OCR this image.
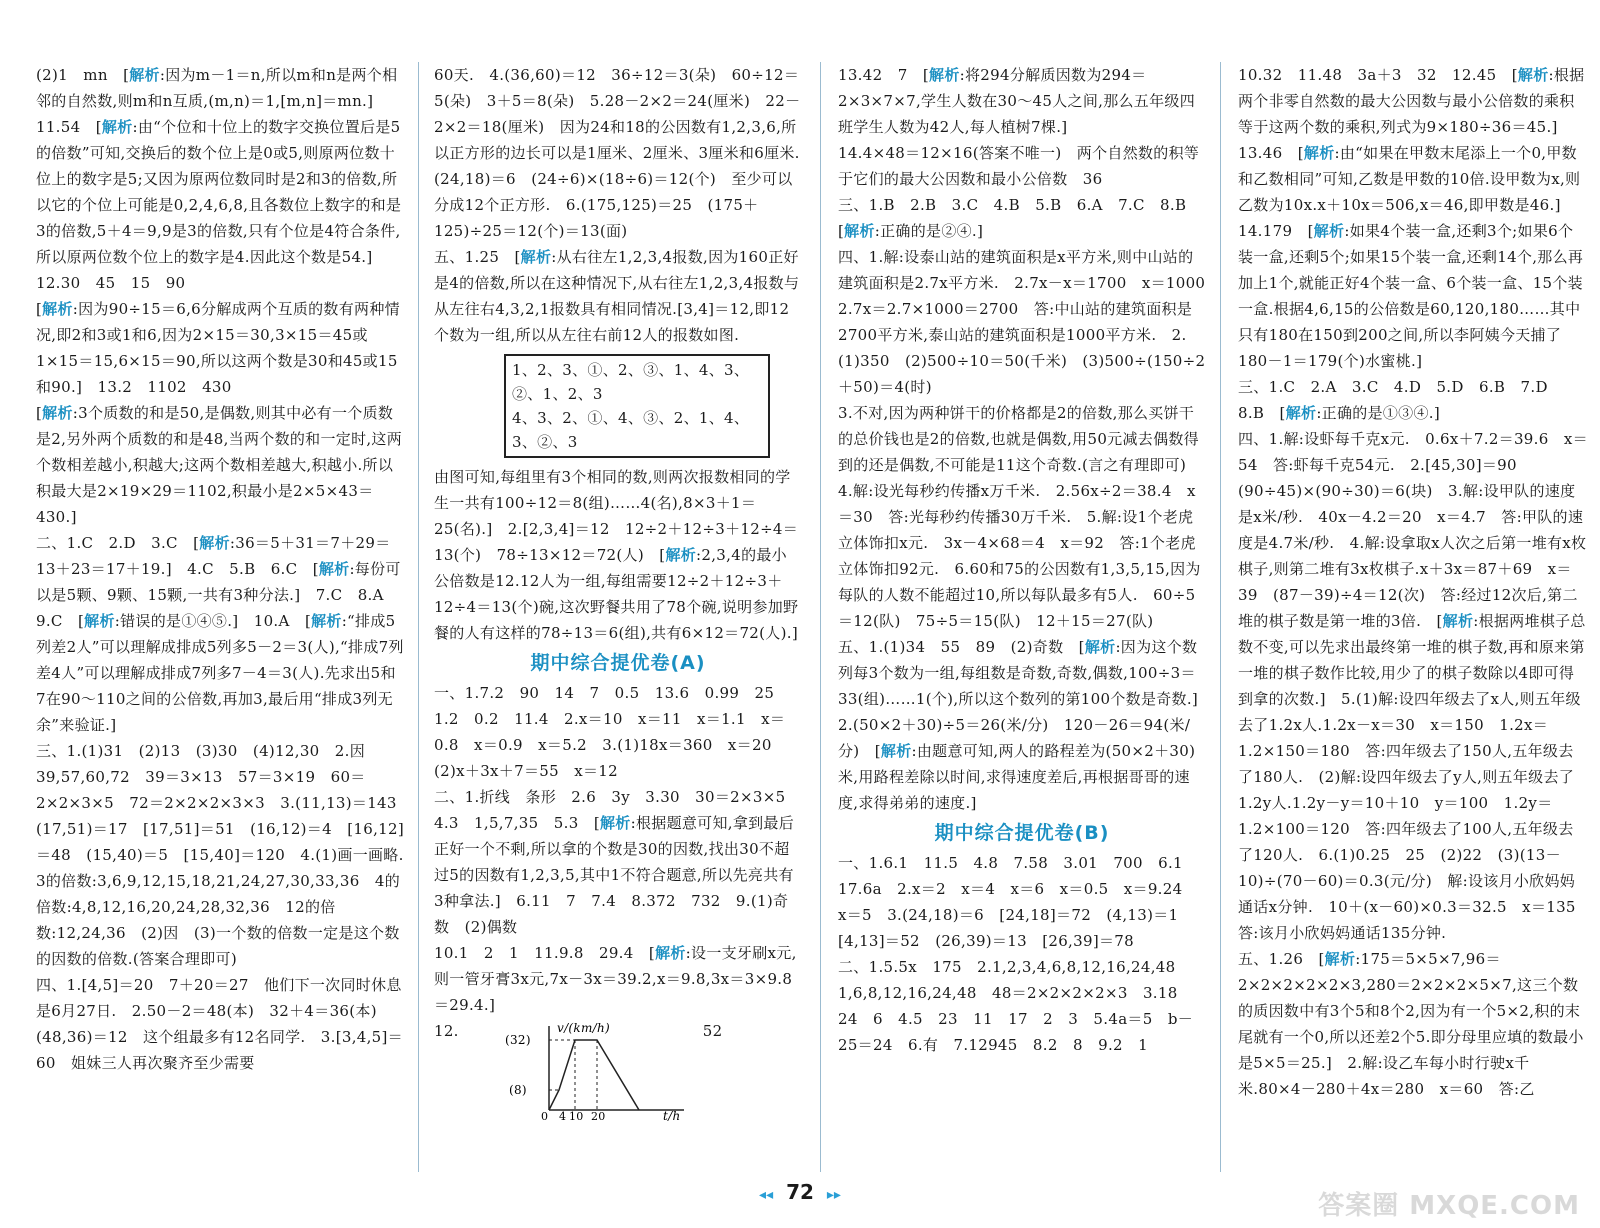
(2)1　mn　[解析:因为m－1＝n,所以m和n是两个相邻的自然数,则m和n互质,(m,n)＝1,[m,n]＝mn.]　11.54　[解析:由“个位和十位上的数字交换位置后是5的倍数”可知,交换后的数个位上是0或5,则原两位数十位上的数字是5;又因为原两位数同时是2和3的倍数,所以它的个位上可能是0,2,4,6,8,且各数位上数字的和是3的倍数,5＋4＝9,9是3的倍数,只有个位是4符合条件,所以原两位数个位上的数字是4.因此这个数是54.]　12.30　45　15　90

[解析:因为90÷15＝6,6分解成两个互质的数有两种情况,即2和3或1和6,因为2×15＝30,3×15＝45或1×15＝15,6×15＝90,所以这两个数是30和45或15和90.]　13.2　1102　430

[解析:3个质数的和是50,是偶数,则其中必有一个质数是2,另外两个质数的和是48,当两个数的和一定时,这两个数相差越小,积越大;这两个数相差越大,积越小.所以积最大是2×19×29＝1102,积最小是2×5×43＝430.]

二、1.C　2.D　3.C　[解析:36＝5＋31＝7＋29＝13＋23＝17＋19.]　4.C　5.B　6.C　[解析:每份可以是5颗、9颗、15颗,一共有3种分法.]　7.C　8.A　9.C　[解析:错误的是①④⑤.]　10.A　[解析:“排成5列差2人”可以理解成排成5列多5－2＝3(人),“排成7列差4人”可以理解成排成7列多7－4＝3(人).先求出5和7在90～110之间的公倍数,再加3,最后用“排成3列无余”来验证.]

三、1.(1)31　(2)13　(3)30　(4)12,30　2.因39,57,60,72　39＝3×13　57＝3×19　60＝2×2×3×5　72＝2×2×2×3×3　3.(11,13)＝143　(17,51)＝17　[17,51]＝51　(16,12)＝4　[16,12]＝48　(15,40)＝5　[15,40]＝120　4.(1)画一画略.　3的倍数:3,6,9,12,15,18,21,24,27,30,33,36　4的倍数:4,8,12,16,20,24,28,32,36　12的倍数:12,24,36　(2)因　(3)一个数的倍数一定是这个数的因数的倍数.(答案合理即可)

四、1.[4,5]＝20　7＋20＝27　他们下一次同时休息是6月27日.　2.50－2＝48(本)　32＋4＝36(本)　(48,36)＝12　这个组最多有12名同学.　3.[3,4,5]＝60　姐妹三人再次聚齐至少需要

60天.　4.(36,60)＝12　36÷12＝3(朵)　60÷12＝5(朵)　3＋5＝8(朵)　5.28－2×2＝24(厘米)　22－2×2＝18(厘米)　因为24和18的公因数有1,2,3,6,所以正方形的边长可以是1厘米、2厘米、3厘米和6厘米.　(24,18)＝6　(24÷6)×(18÷6)＝12(个)　至少可以分成12个正方形.　6.(175,125)＝25　(175＋125)÷25＝12(个)＝13(面)

五、1.25　[解析:从右往左1,2,3,4报数,因为160正好是4的倍数,所以在这种情况下,从右往左1,2,3,4报数与从左往右4,3,2,1报数具有相同情况.[3,4]＝12,即12个数为一组,所以从左往右前12人的报数如图.

1、2、3、①、2、③、1、4、3、②、1、2、3
4、3、2、①、4、③、2、1、4、3、②、3

由图可知,每组里有3个相同的数,则两次报数相同的学生一共有100÷12＝8(组)……4(名),8×3＋1＝25(名).]　2.[2,3,4]＝12　12÷2＋12÷3＋12÷4＝13(个)　78÷13×12＝72(人)　[解析:2,3,4的最小公倍数是12.12人为一组,每组需要12÷2＋12÷3＋12÷4＝13(个)碗,这次野餐共用了78个碗,说明参加野餐的人有这样的78÷13＝6(组),共有6×12＝72(人).]

期中综合提优卷(A)

一、1.7.2　90　14　7　0.5　13.6　0.99　25　1.2　0.2　11.4　2.x＝10　x＝11　x＝1.1　x＝0.8　x＝0.9　x＝5.2　3.(1)18x＝360　x＝20　(2)x＋3x＋7＝55　x＝12

二、1.折线　条形　2.6　3y　3.30　30＝2×3×5　4.3　1,5,7,35　5.3　[解析:根据题意可知,拿到最后正好一个不剩,所以拿的个数是30的因数,找出30不超过5的因数有1,2,3,5,其中1不符合题意,所以先亮共有3种拿法.]　6.11　7　7.4　8.372　732　9.(1)奇数　(2)偶数

10.1　2　1　11.9.8　29.4　[解析:设一支牙刷x元,则一管牙膏3x元,7x－3x＝39.2,x＝9.8,3x＝3×9.8＝29.4.]

12.	v/(km/h)
(32)
(8)
0 4 10 20	t/h
52

13.42　7　[解析:将294分解质因数为294＝2×3×7×7,学生人数在30～45人之间,那么五年级四班学生人数为42人,每人植树7棵.]

14.4×48＝12×16(答案不唯一)　两个自然数的积等于它们的最大公因数和最小公倍数　36

三、1.B　2.B　3.C　4.B　5.B　6.A　7.C　8.B　[解析:正确的是②④.]

四、1.解:设泰山站的建筑面积是x平方米,则中山站的建筑面积是2.7x平方米.　2.7x－x＝1700　x＝1000　2.7x＝2.7×1000＝2700　答:中山站的建筑面积是2700平方米,泰山站的建筑面积是1000平方米.　2.(1)350　(2)500÷10＝50(千米)　(3)500÷(150÷2＋50)＝4(时)

3.不对,因为两种饼干的价格都是2的倍数,那么买饼干的总价钱也是2的倍数,也就是偶数,用50元减去偶数得到的还是偶数,不可能是11这个奇数.(言之有理即可)　4.解:设光每秒约传播x万千米.　2.56x÷2＝38.4　x＝30　答:光每秒约传播30万千米.　5.解:设1个老虎立体饰扣x元.　3x－4×68＝4　x＝92　答:1个老虎立体饰扣92元.　6.60和75的公因数有1,3,5,15,因为每队的人数不能超过10,所以每队最多有5人.　60÷5＝12(队)　75÷5＝15(队)　12＋15＝27(队)

五、1.(1)34　55　89　(2)奇数　[解析:因为这个数列每3个数为一组,每组数是奇数,奇数,偶数,100÷3＝33(组)……1(个),所以这个数列的第100个数是奇数.]　2.(50×2＋30)÷5＝26(米/分)　120－26＝94(米/分)　[解析:由题意可知,两人的路程差为(50×2＋30)米,用路程差除以时间,求得速度差后,再根据哥哥的速度,求得弟弟的速度.]

期中综合提优卷(B)

一、1.6.1　11.5　4.8　7.58　3.01　700　6.1　17.6a　2.x＝2　x＝4　x＝6　x＝0.5　x＝9.24　x＝5　3.(24,18)＝6　[24,18]＝72　(4,13)＝1　[4,13]＝52　(26,39)＝13　[26,39]＝78

二、1.5.5x　175　2.1,2,3,4,6,8,12,16,24,48　1,6,8,12,16,24,48　48＝2×2×2×2×3　3.18　24　6　4.5　23　11　17　2　3　5.4a＝5　b－25＝24　6.有　7.12945　8.2　8　9.2　1

10.32　11.48　3a＋3　32　12.45　[解析:根据两个非零自然数的最大公因数与最小公倍数的乘积等于这两个数的乘积,列式为9×180÷36＝45.]　13.46　[解析:由“如果在甲数末尾添上一个0,甲数和乙数相同”可知,乙数是甲数的10倍.设甲数为x,则乙数为10x.x＋10x＝506,x＝46,即甲数是46.]　14.179　[解析:如果4个装一盒,还剩3个;如果6个装一盒,还剩5个;如果15个装一盒,还剩14个,那么再加上1个,就能正好4个装一盒、6个装一盒、15个装一盒.根据4,6,15的公倍数是60,120,180……其中只有180在150到200之间,所以李阿姨今天捕了180－1＝179(个)水蜜桃.]

三、1.C　2.A　3.C　4.D　5.D　6.B　7.D　8.B　[解析:正确的是①③④.]

四、1.解:设虾每千克x元.　0.6x＋7.2＝39.6　x＝54　答:虾每千克54元.　2.[45,30]＝90　(90÷45)×(90÷30)＝6(块)　3.解:设甲队的速度是x米/秒.　40x－4.2＝20　x＝4.7　答:甲队的速度是4.7米/秒.　4.解:设拿取x人次之后第一堆有x枚棋子,则第二堆有3x枚棋子.x＋3x＝87＋69　x＝39　(87－39)÷4＝12(次)　答:经过12次后,第二堆的棋子数是第一堆的3倍.　[解析:根据两堆棋子总数不变,可以先求出最终第一堆的棋子数,再和原来第一堆的棋子数作比较,用少了的棋子数除以4即可得到拿的次数.]　5.(1)解:设四年级去了x人,则五年级去了1.2x人.1.2x－x＝30　x＝150　1.2x＝1.2×150＝180　答:四年级去了150人,五年级去了180人.　(2)解:设四年级去了y人,则五年级去了1.2y人.1.2y－y＝10＋10　y＝100　1.2y＝1.2×100＝120　答:四年级去了100人,五年级去了120人.　6.(1)0.25　25　(2)22　(3)(13－10)÷(70－60)＝0.3(元/分)　解:设该月小欣妈妈通话x分钟.　10＋(x－60)×0.3＝32.5　x＝135　答:该月小欣妈妈通话135分钟.

五、1.26　[解析:175＝5×5×7,96＝2×2×2×2×2×3,280＝2×2×2×5×7,这三个数的质因数中有3个5和8个2,因为有一个5×2,积的末尾就有一个0,所以还差2个5.即分母里应填的数最小是5×5＝25.]　2.解:设乙车每小时行驶x千米.80×4－280＋4x＝280　x＝60　答:乙

◂◂ 72 ▸▸	答案圈 MXQE.COM
